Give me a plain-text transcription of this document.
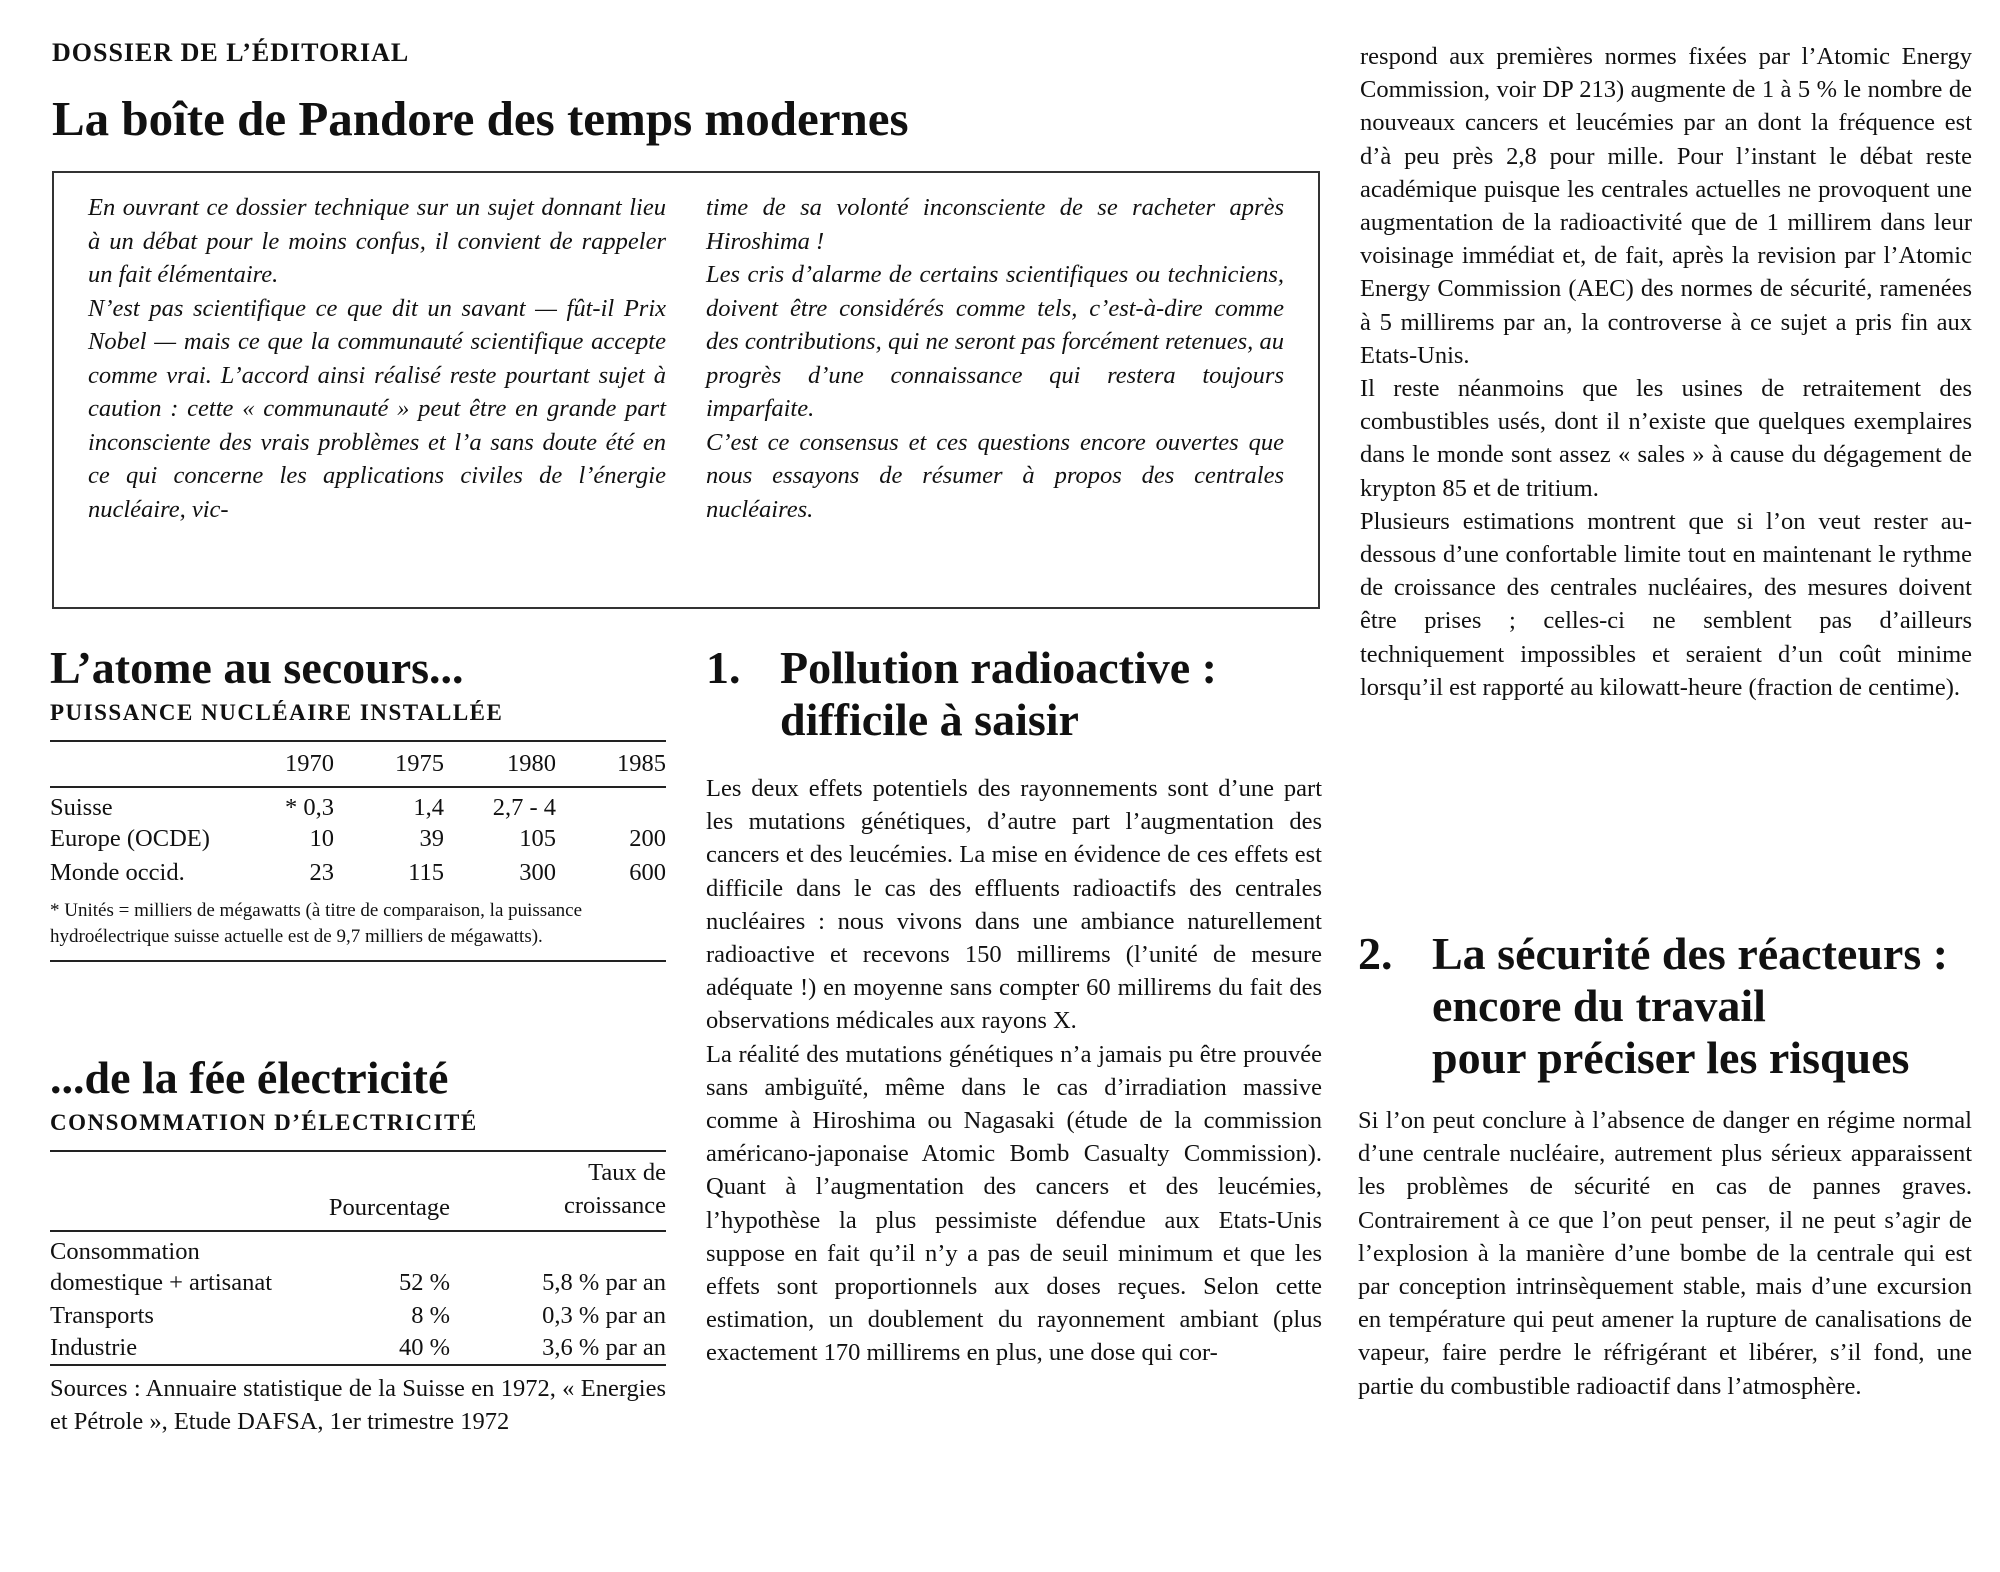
DOSSIER DE L’ÉDITORIAL
La boîte de Pandore des temps modernes

En ouvrant ce dossier technique sur un sujet donnant lieu à un débat pour le moins confus, il convient de rappeler un fait élémentaire.

N’est pas scientifique ce que dit un savant — fût-il Prix Nobel — mais ce que la communauté scientifique accepte comme vrai. L’accord ainsi réalisé reste pourtant sujet à caution : cette « communauté » peut être en grande part inconsciente des vrais problèmes et l’a sans doute été en ce qui concerne les applications civiles de l’énergie nucléaire, vic-

time de sa volonté inconsciente de se racheter après Hiroshima !

Les cris d’alarme de certains scientifiques ou techniciens, doivent être considérés comme tels, c’est-à-dire comme des contributions, qui ne seront pas forcément retenues, au progrès d’une connaissance qui restera toujours imparfaite.

C’est ce consensus et ces questions encore ouvertes que nous essayons de résumer à propos des centrales nucléaires.

L’atome au secours...
PUISSANCE NUCLÉAIRE INSTALLÉE
	1970	1975	1980	1985
Suisse	* 0,3	1,4	2,7 - 4	
Europe (OCDE)	10	39	105	200
Monde occid.	23	115	300	600
* Unités = milliers de mégawatts (à titre de comparaison, la puissance hydroélectrique suisse actuelle est de 9,7 milliers de mégawatts).
...de la fée électricité
CONSOMMATION D’ÉLECTRICITÉ
	Pourcentage	Taux de
croissance

Consommation		
domestique + artisanat	52 %	5,8 % par an
Transports	8 %	0,3 % par an
Industrie	40 %	3,6 % par an
Sources : Annuaire statistique de la Suisse en 1972, « Energies et Pétrole », Etude DAFSA, 1er trimestre 1972
1. Pollution radioactive :
difficile à saisir

Les deux effets potentiels des rayonnements sont d’une part les mutations génétiques, d’autre part l’augmentation des cancers et des leucémies. La mise en évidence de ces effets est difficile dans le cas des effluents radioactifs des centrales nucléaires : nous vivons dans une ambiance naturellement radioactive et recevons 150 millirems (l’unité de mesure adéquate !) en moyenne sans compter 60 millirems du fait des observations médicales aux rayons X.

La réalité des mutations génétiques n’a jamais pu être prouvée sans ambiguïté, même dans le cas d’irradiation massive comme à Hiroshima ou Nagasaki (étude de la commission américano-japonaise Atomic Bomb Casualty Commission). Quant à l’augmentation des cancers et des leucémies, l’hypothèse la plus pessimiste défendue aux Etats-Unis suppose en fait qu’il n’y a pas de seuil minimum et que les effets sont proportionnels aux doses reçues. Selon cette estimation, un doublement du rayonnement ambiant (plus exactement 170 millirems en plus, une dose qui cor-

respond aux premières normes fixées par l’Atomic Energy Commission, voir DP 213) augmente de 1 à 5 % le nombre de nouveaux cancers et leucémies par an dont la fréquence est d’à peu près 2,8 pour mille. Pour l’instant le débat reste académique puisque les centrales actuelles ne provoquent une augmentation de la radioactivité que de 1 millirem dans leur voisinage immédiat et, de fait, après la revision par l’Atomic Energy Commission (AEC) des normes de sécurité, ramenées à 5 millirems par an, la controverse à ce sujet a pris fin aux Etats-Unis.

Il reste néanmoins que les usines de retraitement des combustibles usés, dont il n’existe que quelques exemplaires dans le monde sont assez « sales » à cause du dégagement de krypton 85 et de tritium.

Plusieurs estimations montrent que si l’on veut rester au-dessous d’une confortable limite tout en maintenant le rythme de croissance des centrales nucléaires, des mesures doivent être prises ; celles-ci ne semblent pas d’ailleurs techniquement impossibles et seraient d’un coût minime lorsqu’il est rapporté au kilowatt-heure (fraction de centime).

2. La sécurité des réacteurs :
encore du travail
pour préciser les risques
Si l’on peut conclure à l’absence de danger en régime normal d’une centrale nucléaire, autrement plus sérieux apparaissent les problèmes de sécurité en cas de pannes graves. Contrairement à ce que l’on peut penser, il ne peut s’agir de l’explosion à la manière d’une bombe de la centrale qui est par conception intrinsèquement stable, mais d’une excursion en température qui peut amener la rupture de canalisations de vapeur, faire perdre le réfrigérant et libérer, s’il fond, une partie du combustible radioactif dans l’atmosphère.
